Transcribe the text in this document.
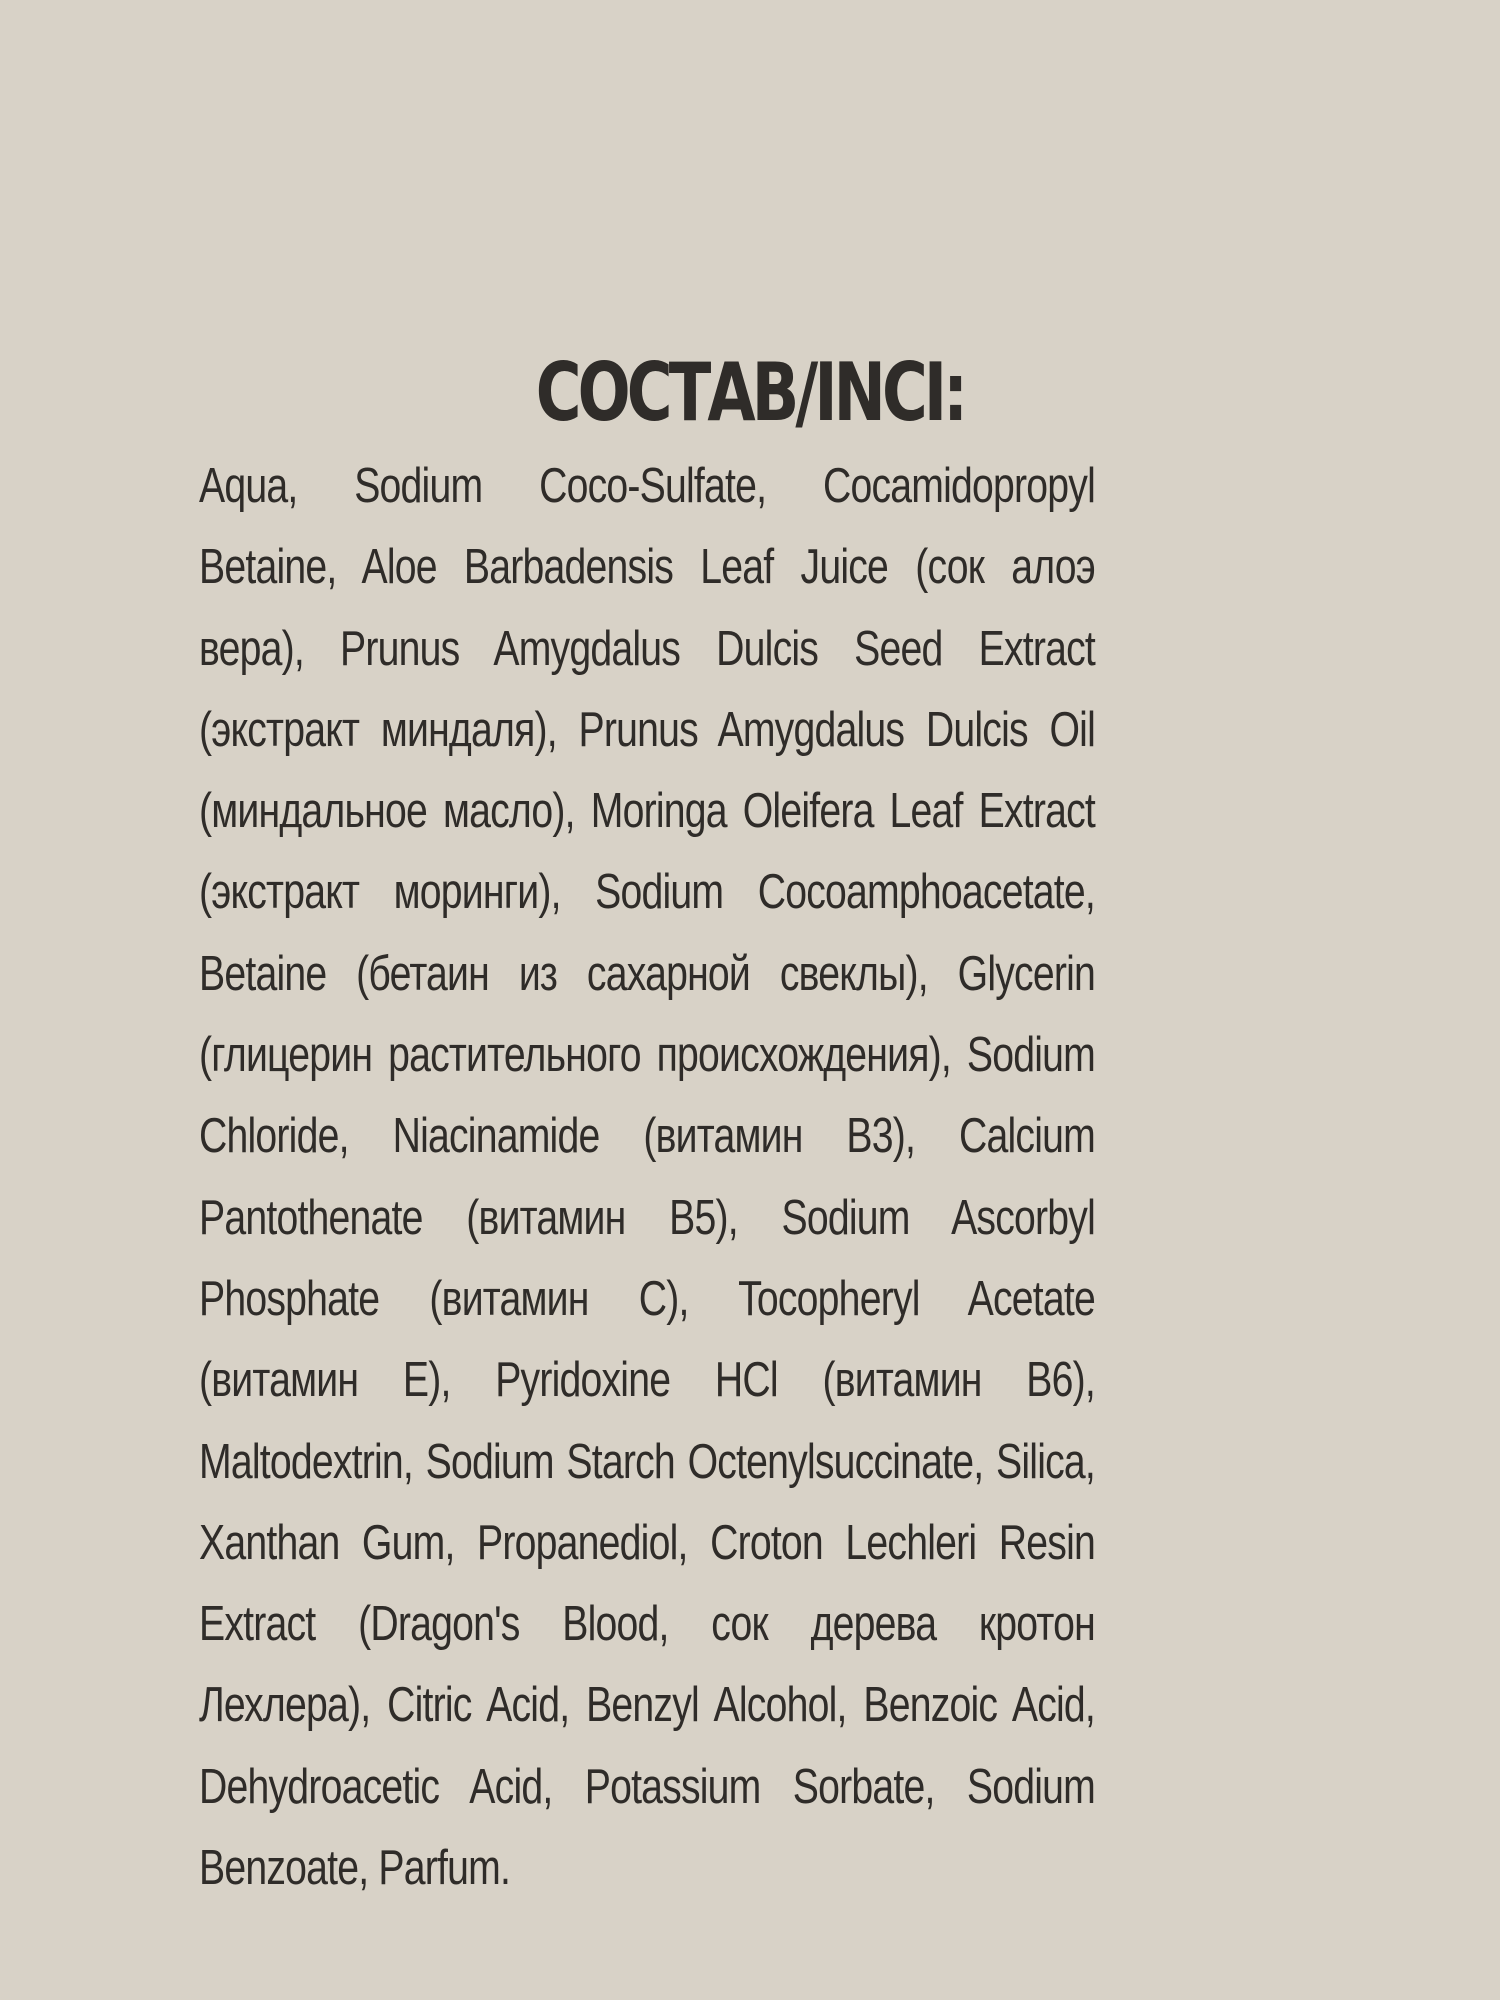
СОСТАВ/INCI:

Aqua, Sodium Coco-Sulfate, Cocamidopropyl Betaine, Aloe Barbadensis Leaf Juice (сок алоэ вера), Prunus Amygdalus Dulcis Seed Extract (экстракт миндаля), Prunus Amygdalus Dulcis Oil (миндальное масло), Moringa Oleifera Leaf Extract (экстракт моринги), Sodium Cocoamphoacetate, Betaine (бетаин из сахарной свеклы), Glycerin (глицерин растительного происхождения), Sodium Chloride, Niacinamide (витамин B3), Calcium Pantothenate (витамин B5), Sodium Ascorbyl Phosphate (витамин C), Tocopheryl Acetate (витамин E), Pyridoxine HCl (витамин B6), Maltodextrin, Sodium Starch Octenylsuccinate, Silica, Xanthan Gum, Propanediol, Croton Lechleri Resin Extract (Dragon's Blood, сок дерева кротон Лехлера), Citric Acid, Benzyl Alcohol, Benzoic Acid, Dehydroacetic Acid, Potassium Sorbate, Sodium Benzoate, Parfum.
